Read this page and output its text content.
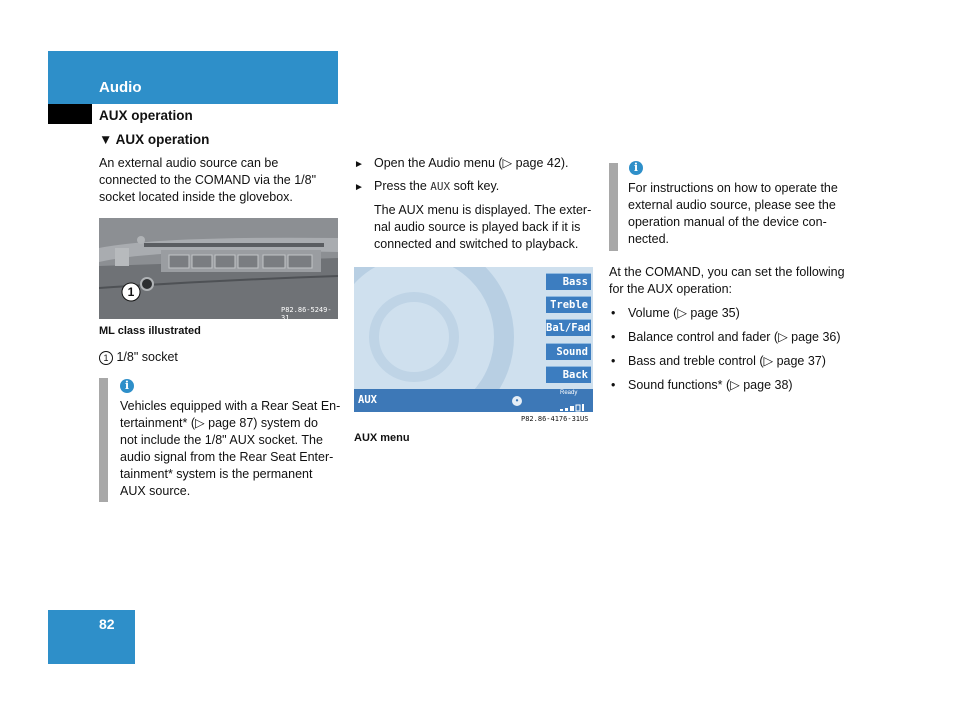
Audio
AUX operation
▼ AUX operation
An external audio source can be
connected to the COMAND via the 1/8"
socket located inside the glovebox.
1
P82.86-5249-31
ML class illustrated
1 1/8" socket
i
Vehicles equipped with a Rear Seat En-
tertainment* (▷ page 87) system do
not include the 1/8" AUX socket. The
audio signal from the Rear Seat Enter-
tainment* system is the permanent
AUX source.
► Open the Audio menu (▷ page 42).
► Press the AUX soft key.
The AUX menu is displayed. The exter-
nal audio source is played back if it is
connected and switched to playback.
Bass
Treble
Bal/Fad
Sound
Back
AUX	•
Ready
P82.86-4176-31US
AUX menu
i
For instructions on how to operate the
external audio source, please see the
operation manual of the device con-
nected.
At the COMAND, you can set the following
for the AUX operation:
• Volume (▷ page 35)
• Balance control and fader (▷ page 36)
• Bass and treble control (▷ page 37)
• Sound functions* (▷ page 38)
82
